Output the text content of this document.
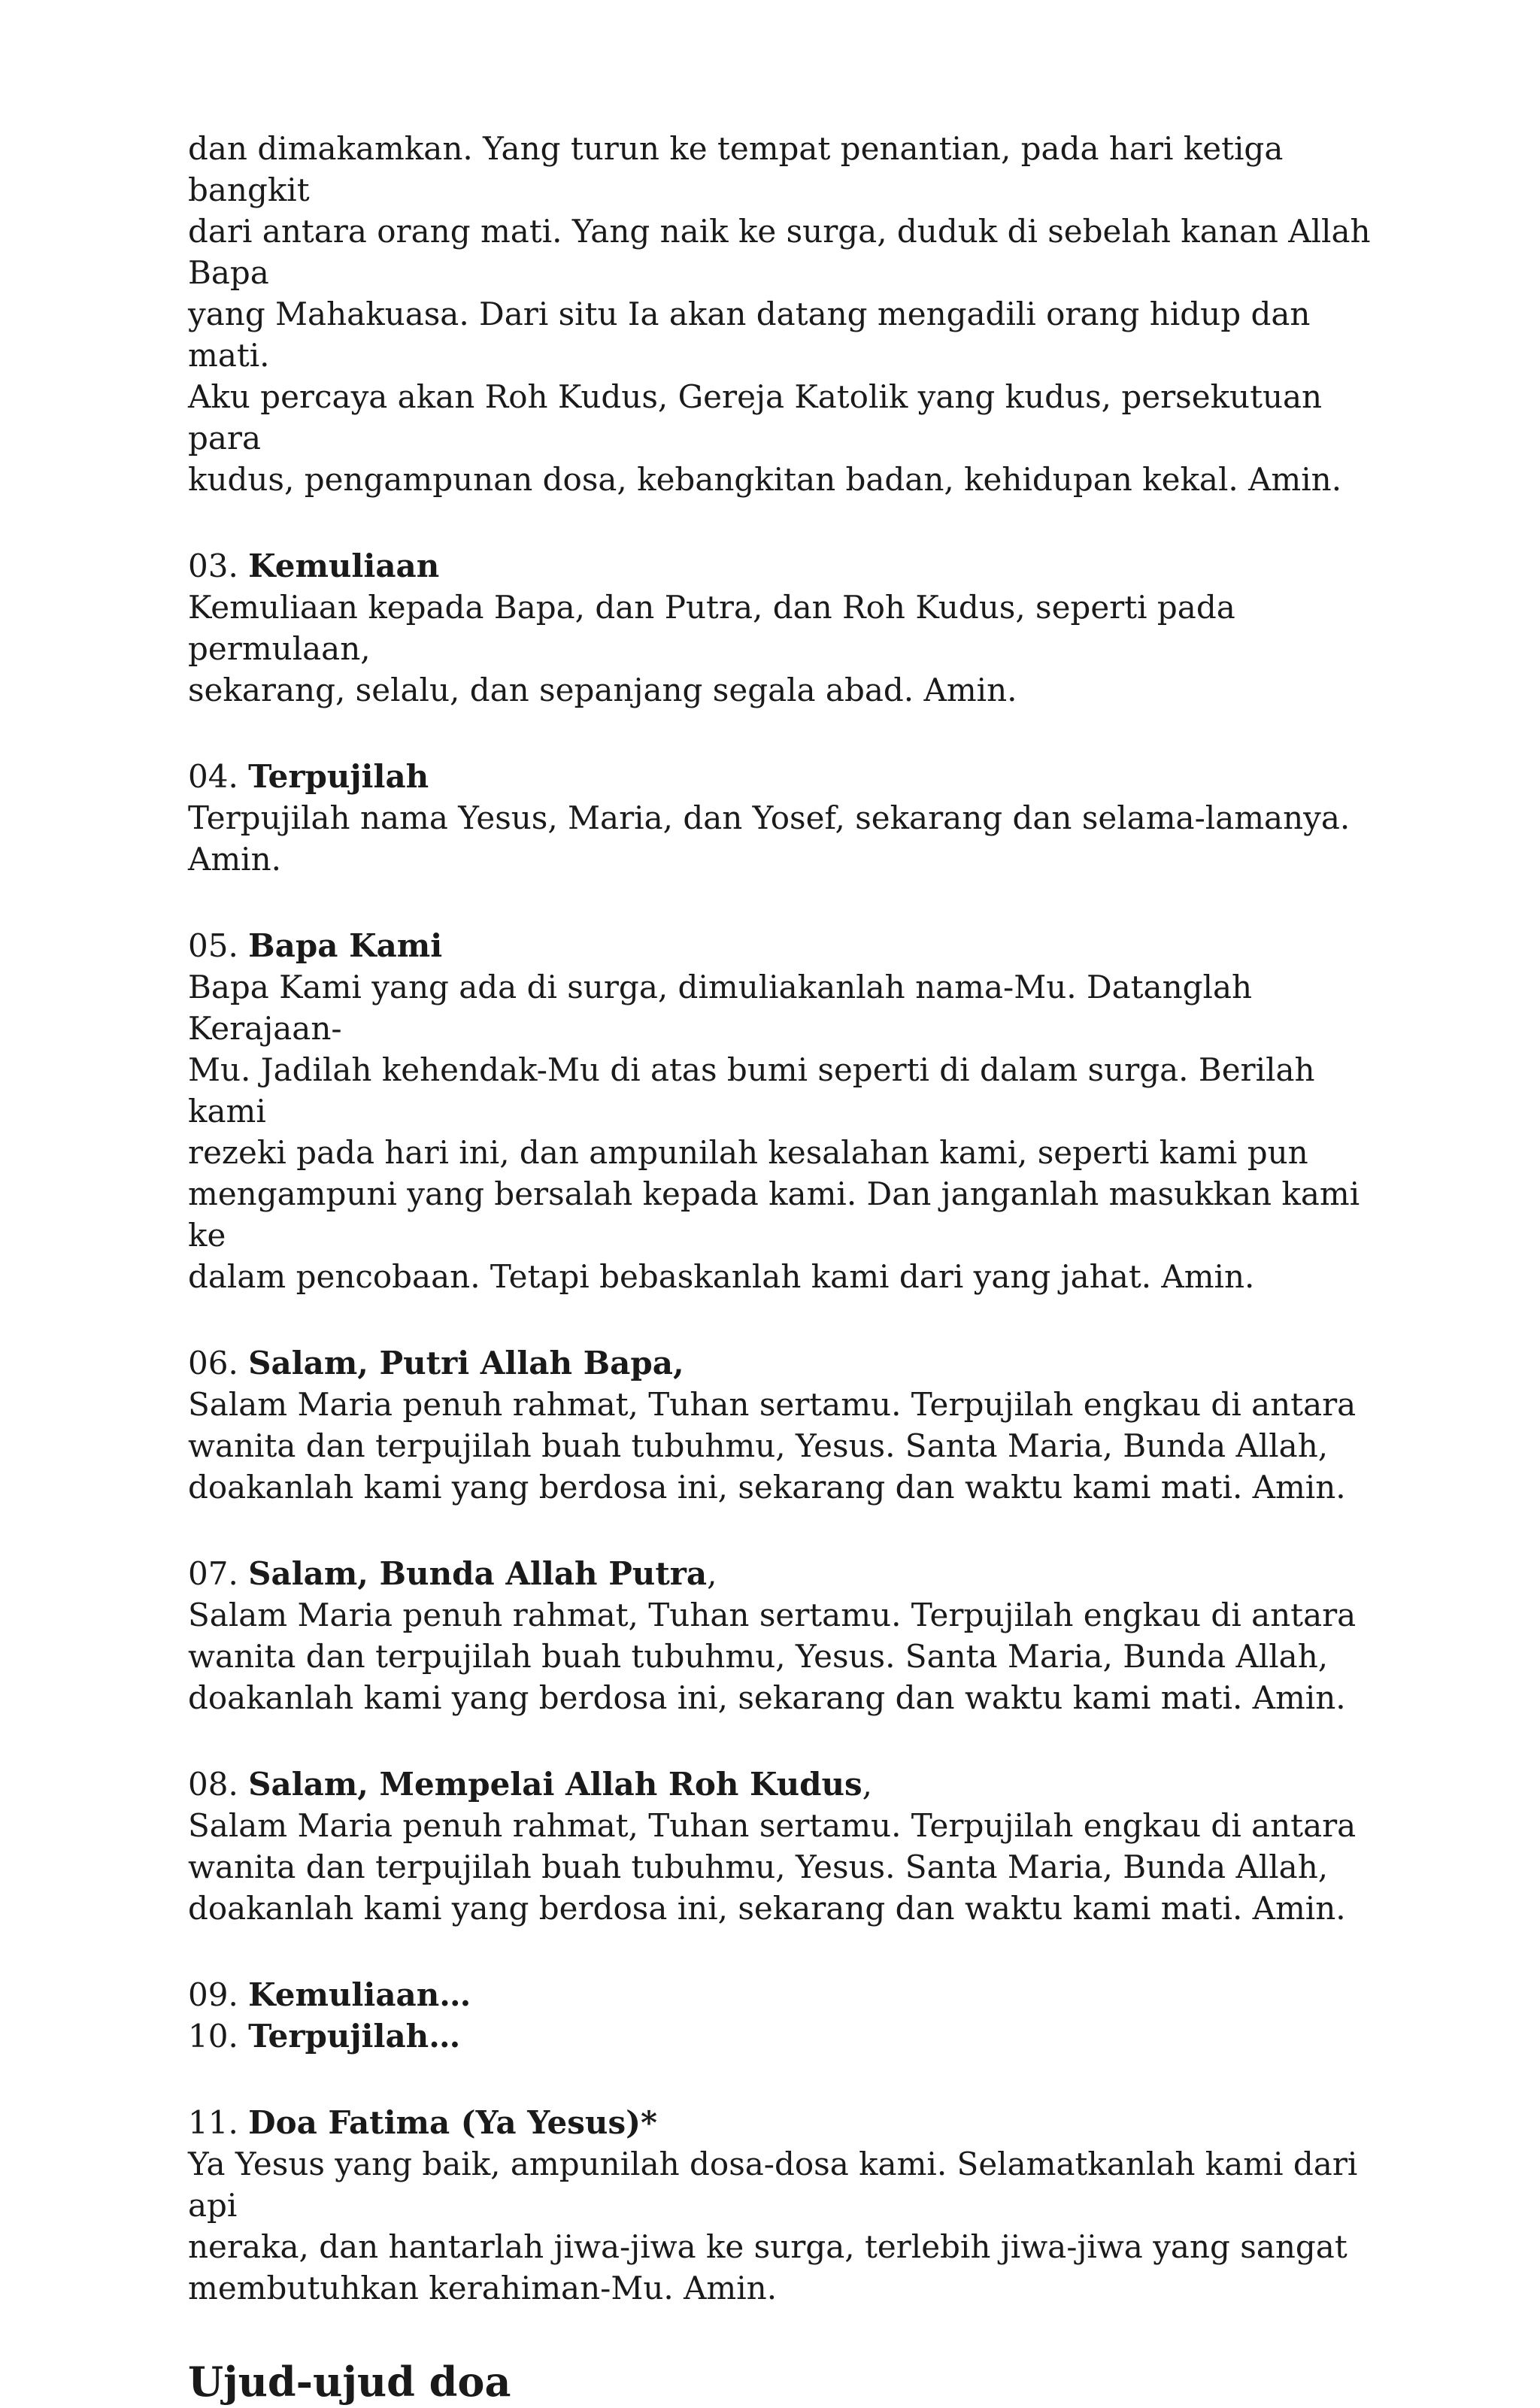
dan dimakamkan. Yang turun ke tempat penantian, pada hari ketiga bangkit
dari antara orang mati. Yang naik ke surga, duduk di sebelah kanan Allah Bapa
yang Mahakuasa. Dari situ Ia akan datang mengadili orang hidup dan mati.
Aku percaya akan Roh Kudus, Gereja Katolik yang kudus, persekutuan para
kudus, pengampunan dosa, kebangkitan badan, kehidupan kekal. Amin.

03. Kemuliaan

Kemuliaan kepada Bapa, dan Putra, dan Roh Kudus, seperti pada permulaan,
sekarang, selalu, dan sepanjang segala abad. Amin.

04. Terpujilah

Terpujilah nama Yesus, Maria, dan Yosef, sekarang dan selama-lamanya.
Amin.

05. Bapa Kami

Bapa Kami yang ada di surga, dimuliakanlah nama-Mu. Datanglah Kerajaan-
Mu. Jadilah kehendak-Mu di atas bumi seperti di dalam surga. Berilah kami
rezeki pada hari ini, dan ampunilah kesalahan kami, seperti kami pun
mengampuni yang bersalah kepada kami. Dan janganlah masukkan kami ke
dalam pencobaan. Tetapi bebaskanlah kami dari yang jahat. Amin.

06. Salam, Putri Allah Bapa,

Salam Maria penuh rahmat, Tuhan sertamu. Terpujilah engkau di antara
wanita dan terpujilah buah tubuhmu, Yesus. Santa Maria, Bunda Allah,
doakanlah kami yang berdosa ini, sekarang dan waktu kami mati. Amin.

07. Salam, Bunda Allah Putra,

Salam Maria penuh rahmat, Tuhan sertamu. Terpujilah engkau di antara
wanita dan terpujilah buah tubuhmu, Yesus. Santa Maria, Bunda Allah,
doakanlah kami yang berdosa ini, sekarang dan waktu kami mati. Amin.

08. Salam, Mempelai Allah Roh Kudus,

Salam Maria penuh rahmat, Tuhan sertamu. Terpujilah engkau di antara
wanita dan terpujilah buah tubuhmu, Yesus. Santa Maria, Bunda Allah,
doakanlah kami yang berdosa ini, sekarang dan waktu kami mati. Amin.

09. Kemuliaan…

10. Terpujilah…

11. Doa Fatima (Ya Yesus)*

Ya Yesus yang baik, ampunilah dosa-dosa kami. Selamatkanlah kami dari api
neraka, dan hantarlah jiwa-jiwa ke surga, terlebih jiwa-jiwa yang sangat
membutuhkan kerahiman-Mu. Amin.

Ujud-ujud doa
